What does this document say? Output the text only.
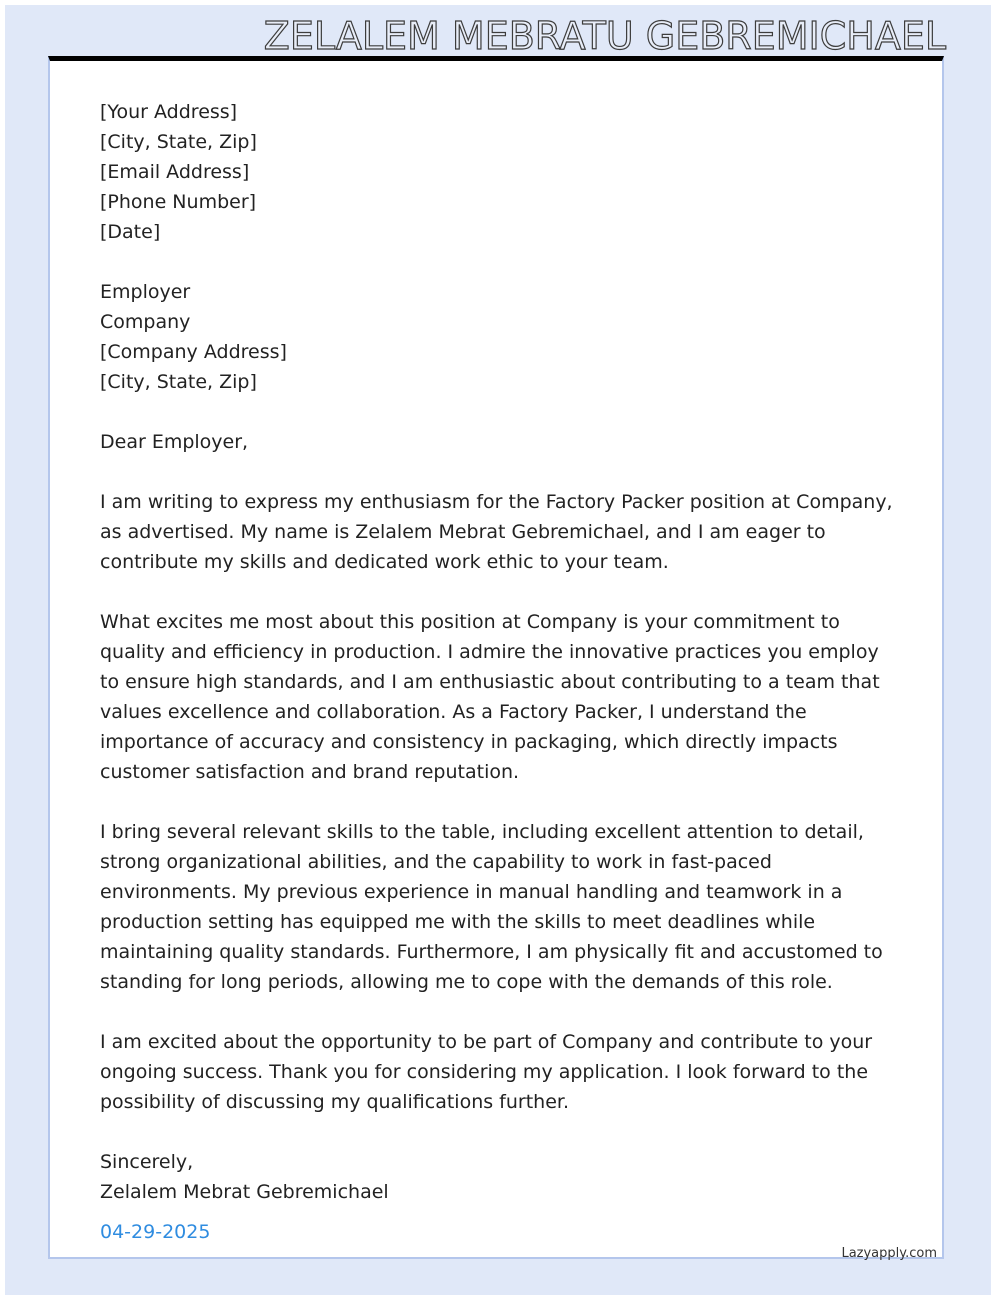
ZELALEM MEBRATU GEBREMICHAEL
[Your Address]
[City, State, Zip]
[Email Address]
[Phone Number]
[Date]
Employer
Company
[Company Address]
[City, State, Zip]

Dear Employer,

I am writing to express my enthusiasm for the Factory Packer position at Company, as advertised. My name is Zelalem Mebrat Gebremichael, and I am eager to contribute my skills and dedicated work ethic to your team.

What excites me most about this position at Company is your commitment to quality and efficiency in production. I admire the innovative practices you employ to ensure high standards, and I am enthusiastic about contributing to a team that values excellence and collaboration. As a Factory Packer, I understand the importance of accuracy and consistency in packaging, which directly impacts customer satisfaction and brand reputation.

I bring several relevant skills to the table, including excellent attention to detail, strong organizational abilities, and the capability to work in fast-paced environments. My previous experience in manual handling and teamwork in a production setting has equipped me with the skills to meet deadlines while maintaining quality standards. Furthermore, I am physically fit and accustomed to standing for long periods, allowing me to cope with the demands of this role.

I am excited about the opportunity to be part of Company and contribute to your ongoing success. Thank you for considering my application. I look forward to the possibility of discussing my qualifications further.

Sincerely,
Zelalem Mebrat Gebremichael
04-29-2025
Lazyapply.com
